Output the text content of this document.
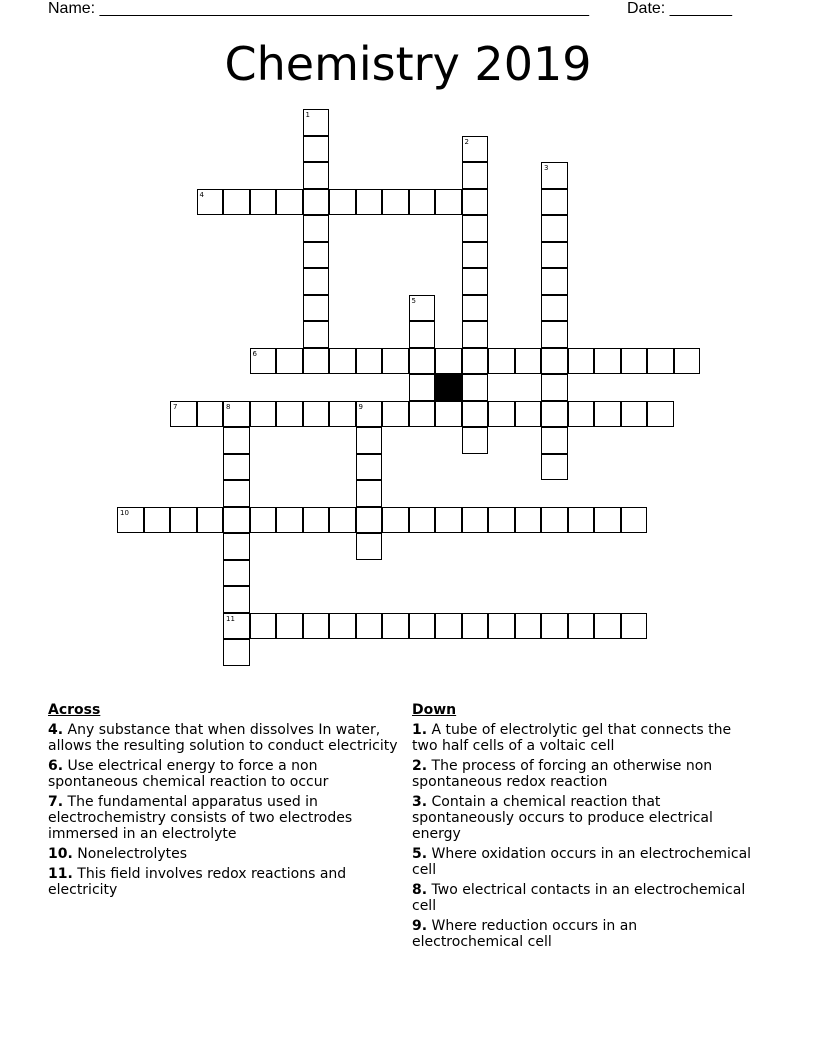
Name: _______________________________________________________ Date: _______
Chemistry 2019
1
2
3
4
5
6
7	8	9
11
10
Across
4. Any substance that when dissolves In water, allows the resulting solution to conduct electricity
6. Use electrical energy to force a non spontaneous chemical reaction to occur
7. The fundamental apparatus used in electrochemistry consists of two electrodes immersed in an electrolyte
10. Nonelectrolytes
11. This field involves redox reactions and electricity
Down
1. A tube of electrolytic gel that connects the two half cells of a voltaic cell
2. The process of forcing an otherwise non spontaneous redox reaction
3. Contain a chemical reaction that spontaneously occurs to produce electrical energy
5. Where oxidation occurs in an electrochemical cell
8. Two electrical contacts in an electrochemical cell
9. Where reduction occurs in an electrochemical cell
